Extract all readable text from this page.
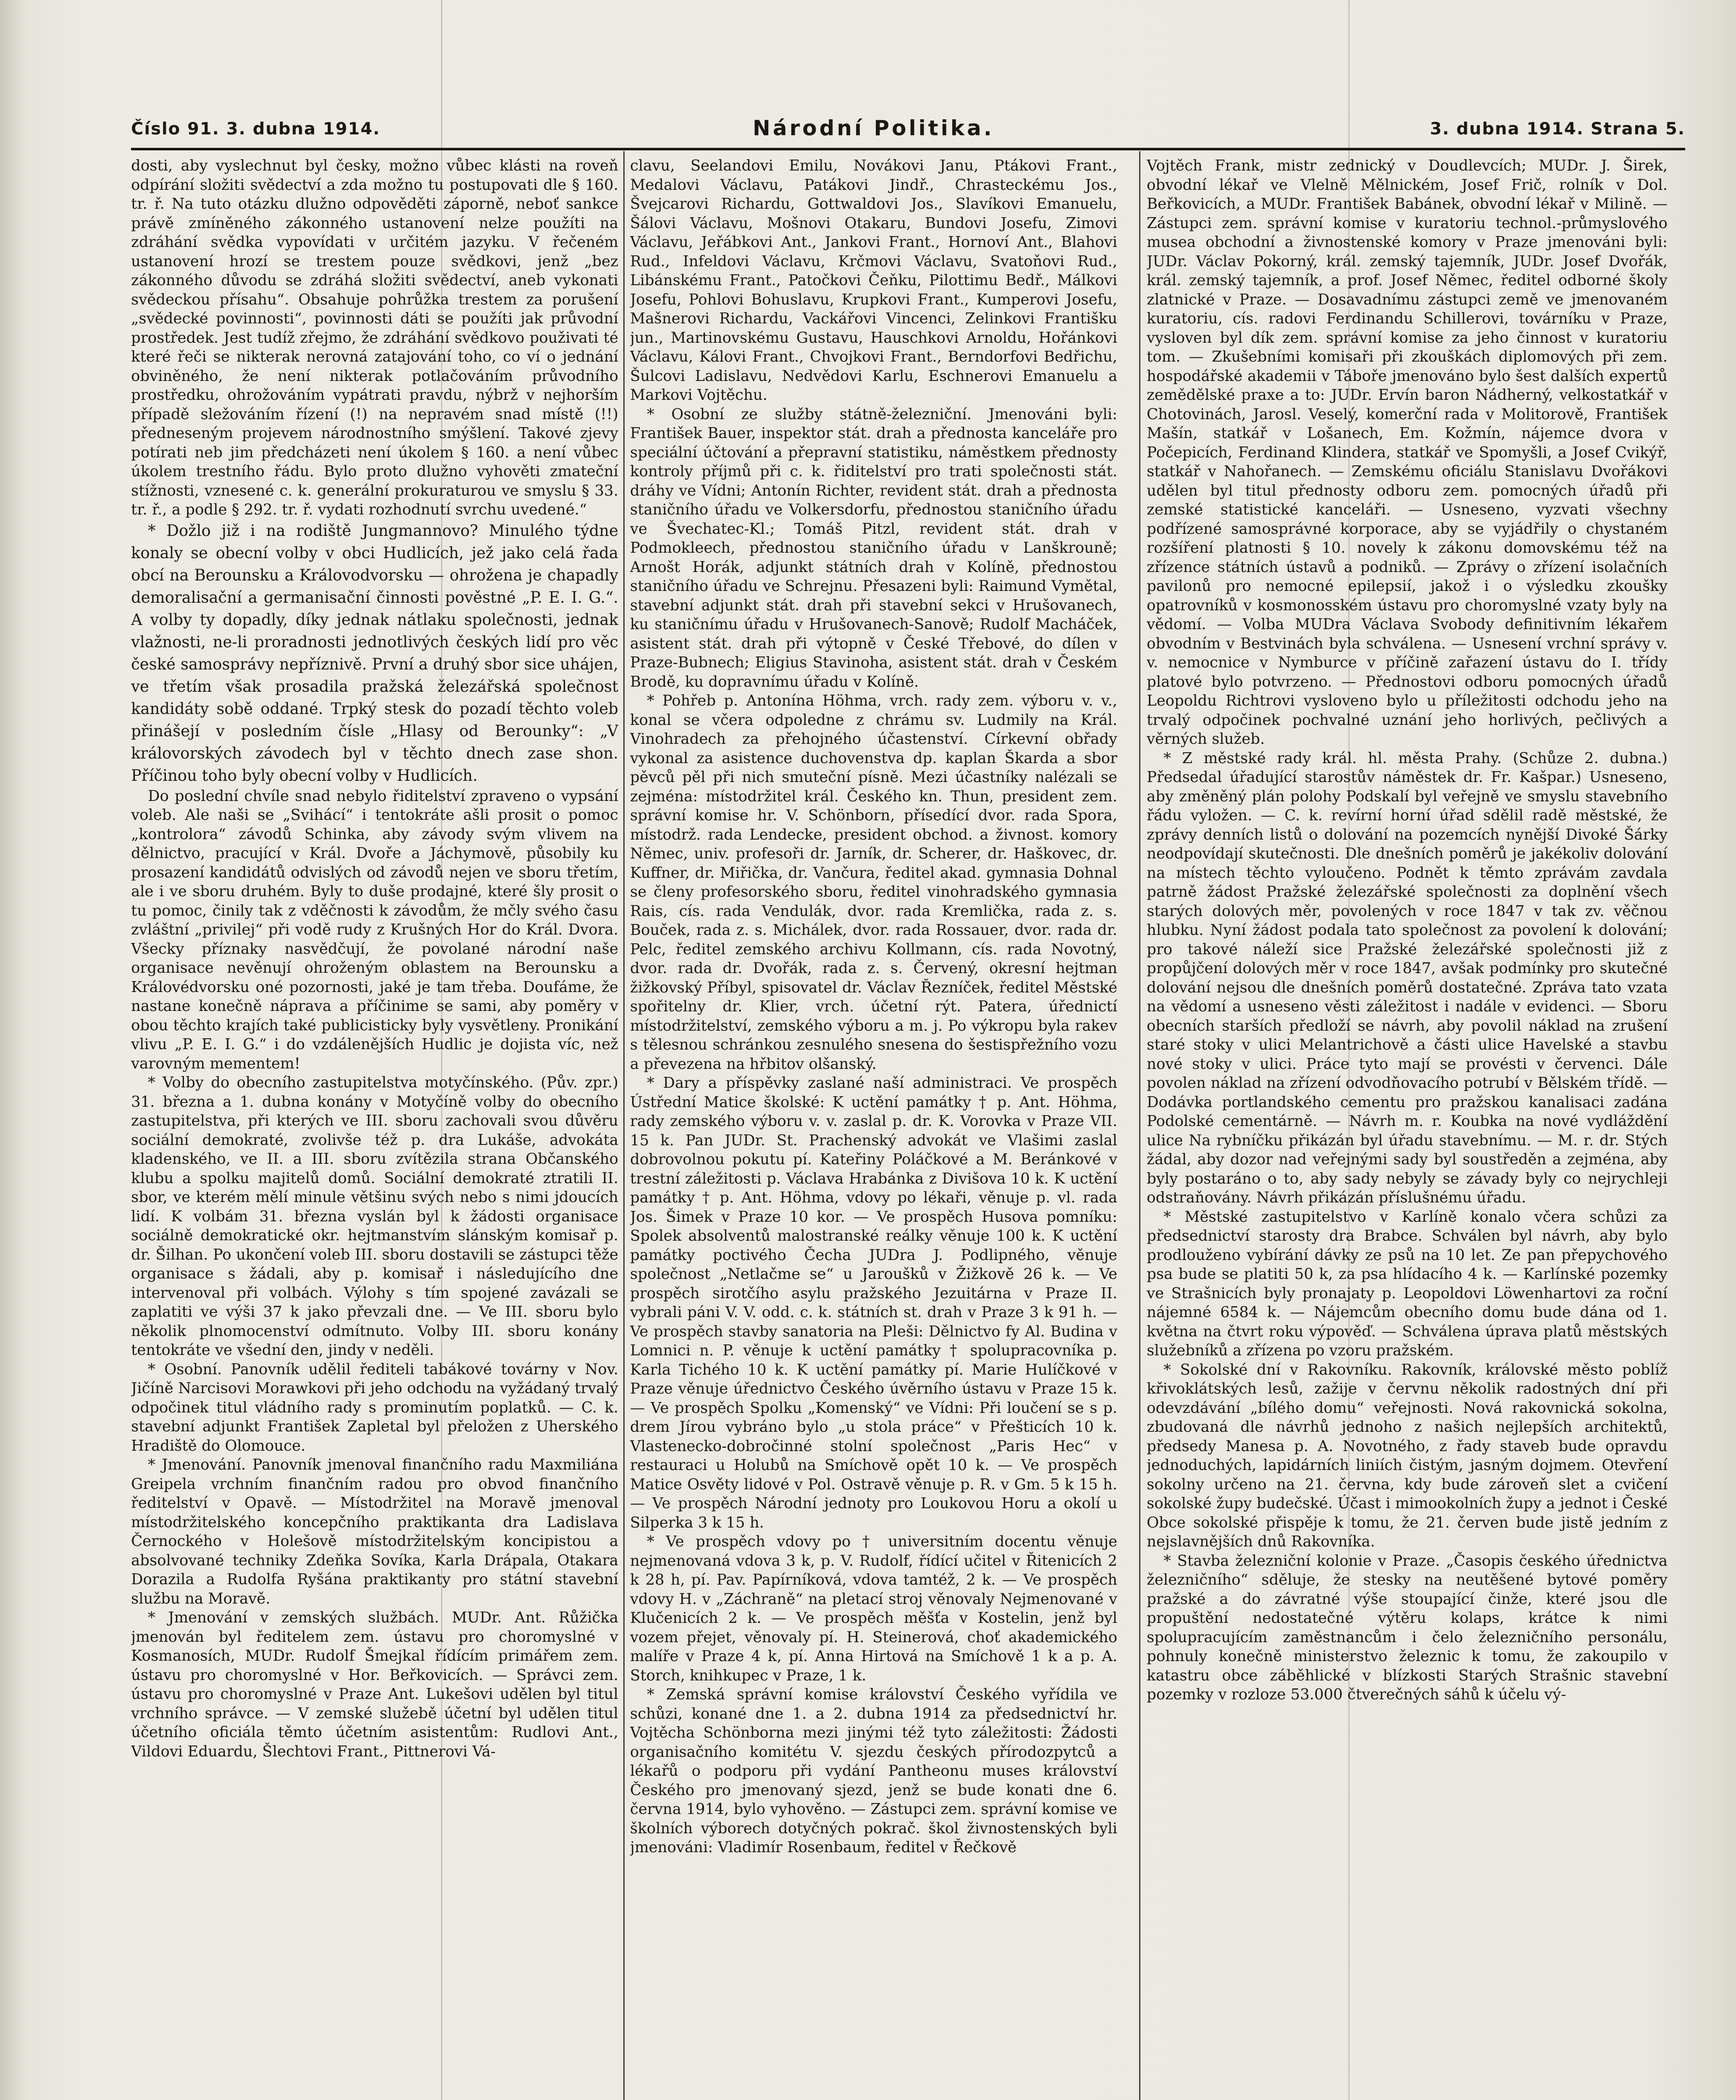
Číslo 91. 3. dubna 1914.	Národní Politika.	3. dubna 1914. Strana 5.

dosti, aby vyslechnut byl česky, možno vůbec klásti na roveň odpírání složiti svědectví a zda možno tu postupovati dle § 160. tr. ř. Na tuto otázku dlužno odpověděti záporně, neboť sankce právě zmíněného zákonného ustanovení nelze použíti na zdráhání svědka vypovídati v určitém jazyku. V řečeném ustanovení hrozí se trestem pouze svědkovi, jenž „bez zákonného důvodu se zdráhá složiti svědectví, aneb vykonati svědeckou přísahu“. Obsahuje pohrůžka trestem za porušení „svědecké povinnosti“, povinnosti dáti se použíti jak průvodní prostředek. Jest tudíž zřejmo, že zdráhání svědkovo použivati té které řeči se nikterak nerovná zatajování toho, co ví o jednání obviněného, že není nikterak potlačováním průvodního prostředku, ohrožováním vypátrati pravdu, nýbrž v nejhorším případě sležováním řízení (!) na nepravém snad místě (!!) předneseným projevem národnostního smýšlení. Takové zjevy potírati neb jim předcházeti není úkolem § 160. a není vůbec úkolem trestního řádu. Bylo proto dlužno vyhověti zmateční stížnosti, vznesené c. k. generální prokuraturou ve smyslu § 33. tr. ř., a podle § 292. tr. ř. vydati rozhodnutí svrchu uvedené.“

* Dožlo již i na rodiště Jungmannovo? Minulého týdne konaly se obecní volby v obci Hudlicích, jež jako celá řada obcí na Berounsku a Královodvorsku — ohrožena je chapadly demoralisační a germanisační činnosti pověstné „P. E. I. G.“. A volby ty dopadly, díky jednak nátlaku společnosti, jednak vlažnosti, ne-li proradnosti jednotlivých českých lidí pro věc české samosprávy nepříznivě. První a druhý sbor sice uhájen, ve třetím však prosadila pražská železářská společnost kandidáty sobě oddané. Trpký stesk do pozadí těchto voleb přinášejí v posledním čísle „Hlasy od Berounky“: „V královorských závodech byl v těchto dnech zase shon. Příčinou toho byly obecní volby v Hudlicích.

Do poslední chvíle snad nebylo řiditelství zpraveno o vypsání voleb. Ale naši se „Svihácí“ i tentokráte ašli prosit o pomoc „kontrolora“ závodů Schinka, aby závody svým vlivem na dělnictvo, pracující v Král. Dvoře a Jáchymově, působily ku prosazení kandidátů odvislých od závodů nejen ve sboru třetím, ale i ve sboru druhém. Byly to duše prodajné, které šly prosit o tu pomoc, činily tak z vděčnosti k závodům, že mčly svého času zvláštní „privilej“ při vodě rudy z Krušných Hor do Král. Dvora. Všecky příznaky nasvědčují, že povolané národní naše organisace nevěnují ohroženým oblastem na Berounsku a Královédvorsku oné pozornosti, jaké je tam třeba. Doufáme, že nastane konečně náprava a příčinime se sami, aby poměry v obou těchto krajích také publicisticky byly vysvětleny. Pronikání vlivu „P. E. I. G.“ i do vzdálenějších Hudlic je dojista víc, než varovným mementem!

* Volby do obecního zastupitelstva motyčínského. (Pův. zpr.) 31. března a 1. dubna konány v Motyčíně volby do obecního zastupitelstva, při kterých ve III. sboru zachovali svou důvěru sociální demokraté, zvolivše též p. dra Lukáše, advokáta kladenského, ve II. a III. sboru zvítězila strana Občanského klubu a spolku majitelů domů. Sociální demokraté ztratili II. sbor, ve kterém mělí minule většinu svých nebo s nimi jdoucích lidí. K volbám 31. března vyslán byl k žádosti organisace sociálně demokratické okr. hejtmanstvím slánským komisař p. dr. Šilhan. Po ukončení voleb III. sboru dostavili se zástupci těže organisace s žádali, aby p. komisař i následujícího dne intervenoval při volbách. Výlohy s tím spojené zavázali se zaplatiti ve výši 37 k jako převzali dne. — Ve III. sboru bylo několik plnomocenství odmítnuto. Volby III. sboru konány tentokráte ve všední den, jindy v neděli.

* Osobní. Panovník udělil řediteli tabákové továrny v Nov. Jičíně Narcisovi Morawkovi při jeho odchodu na vyžádaný trvalý odpočinek titul vládního rady s prominutím poplatků. — C. k. stavební adjunkt František Zapletal byl přeložen z Uherského Hradiště do Olomouce.

* Jmenování. Panovník jmenoval finančního radu Maxmiliána Greipela vrchním finančním radou pro obvod finančního ředitelství v Opavě. — Místodržitel na Moravě jmenoval místodržitelského koncepčního praktikanta dra Ladislava Černockého v Holešově místodržitelským koncipistou a absolvované techniky Zdeňka Sovíka, Karla Drápala, Otakara Dorazila a Rudolfa Ryšána praktikanty pro státní stavební službu na Moravě.

* Jmenování v zemských službách. MUDr. Ant. Růžička jmenován byl ředitelem zem. ústavu pro choromyslné v Kosmanosích, MUDr. Rudolf Šmejkal řídícím primářem zem. ústavu pro choromyslné v Hor. Beřkovicích. — Správci zem. ústavu pro choromyslné v Praze Ant. Lukešovi udělen byl titul vrchního správce. — V zemské služebě účetní byl udělen titul účetního oficiála těmto účetním asistentům: Rudlovi Ant., Vildovi Eduardu, Šlechtovi Frant., Pittnerovi Vá-

clavu, Seelandovi Emilu, Novákovi Janu, Ptákovi Frant., Medalovi Václavu, Patákovi Jindř., Chrasteckému Jos., Švejcarovi Richardu, Gottwaldovi Jos., Slavíkovi Emanuelu, Šálovi Václavu, Mošnovi Otakaru, Bundovi Josefu, Zimovi Václavu, Jeřábkovi Ant., Jankovi Frant., Hornoví Ant., Blahovi Rud., Infeldovi Václavu, Krčmovi Václavu, Svatoňovi Rud., Libánskému Frant., Patočkovi Čeňku, Pilottimu Bedř., Málkovi Josefu, Pohlovi Bohuslavu, Krupkovi Frant., Kumperovi Josefu, Mašnerovi Richardu, Vackářovi Vincenci, Zelinkovi Františku jun., Martinovskému Gustavu, Hauschkovi Arnoldu, Hořánkovi Václavu, Kálovi Frant., Chvojkovi Frant., Berndorfovi Bedřichu, Šulcovi Ladislavu, Nedvědovi Karlu, Eschnerovi Emanuelu a Markovi Vojtěchu.

* Osobní ze služby státně-železniční. Jmenováni byli: František Bauer, inspektor stát. drah a přednosta kanceláře pro speciální účtování a přepravní statistiku, náměstkem přednosty kontroly příjmů při c. k. řiditelství pro trati společnosti stát. dráhy ve Vídni; Antonín Richter, revident stát. drah a přednosta staničního úřadu ve Volkersdorfu, přednostou staničního úřadu ve Švechatec-Kl.; Tomáš Pitzl, revident stát. drah v Podmokleech, přednostou staničního úřadu v Lanškrouně; Arnošt Horák, adjunkt státních drah v Kolíně, přednostou staničního úřadu ve Schrejnu. Přesazeni byli: Raimund Vymětal, stavební adjunkt stát. drah při stavební sekci v Hrušovanech, ku staničnímu úřadu v Hrušovanech-Sanově; Rudolf Macháček, asistent stát. drah při výtopně v České Třebové, do dílen v Praze-Bubnech; Eligius Stavinoha, asistent stát. drah v Českém Brodě, ku dopravnímu úřadu v Kolíně.

* Pohřeb p. Antonína Höhma, vrch. rady zem. výboru v. v., konal se včera odpoledne z chrámu sv. Ludmily na Král. Vinohradech za přehojného účastenství. Církevní obřady vykonal za asistence duchovenstva dp. kaplan Škarda a sbor pěvců pěl při nich smuteční písně. Mezi účastníky nalézali se zejména: místodržitel král. Českého kn. Thun, president zem. správní komise hr. V. Schönborn, přísedící dvor. rada Spora, místodrž. rada Lendecke, president obchod. a živnost. komory Němec, univ. profesoři dr. Jarník, dr. Scherer, dr. Haškovec, dr. Kuffner, dr. Miřička, dr. Vančura, ředitel akad. gymnasia Dohnal se členy profesorského sboru, ředitel vinohradského gymnasia Rais, cís. rada Vendulák, dvor. rada Kremlička, rada z. s. Bouček, rada z. s. Michálek, dvor. rada Rossauer, dvor. rada dr. Pelc, ředitel zemského archivu Kollmann, cís. rada Novotný, dvor. rada dr. Dvořák, rada z. s. Červený, okresní hejtman žižkovský Příbyl, spisovatel dr. Václav Řezníček, ředitel Městské spořitelny dr. Klier, vrch. účetní rýt. Patera, úřednictí místodržitelství, zemského výboru a m. j. Po výkropu byla rakev s tělesnou schránkou zesnulého snesena do šestispřežního vozu a převezena na hřbitov olšanský.

* Dary a příspěvky zaslané naší administraci. Ve prospěch Ústřední Matice školské: K uctění památky † p. Ant. Höhma, rady zemského výboru v. v. zaslal p. dr. K. Vorovka v Praze VII. 15 k. Pan JUDr. St. Prachenský advokát ve Vlašimi zaslal dobrovolnou pokutu pí. Kateřiny Poláčkové a M. Beránkové v trestní záležitosti p. Václava Hrabánka z Divišova 10 k. K uctění památky † p. Ant. Höhma, vdovy po lékaři, věnuje p. vl. rada Jos. Šimek v Praze 10 kor. — Ve prospěch Husova pomníku: Spolek absolventů malostranské reálky věnuje 100 k. K uctění památky poctivého Čecha JUDra J. Podlipného, věnuje společnost „Netlačme se“ u Jaroušků v Žižkově 26 k. — Ve prospěch sirotčího asylu pražského Jezuitárna v Praze II. vybrali páni V. V. odd. c. k. státních st. drah v Praze 3 k 91 h. — Ve prospěch stavby sanatoria na Pleši: Dělnictvo fy Al. Budina v Lomnici n. P. věnuje k uctění památky † spolupracovníka p. Karla Tichého 10 k. K uctění památky pí. Marie Hulíčkové v Praze věnuje úřednictvo Českého úvěrního ústavu v Praze 15 k. — Ve prospěch Spolku „Komenský“ ve Vídni: Při loučení se s p. drem Jírou vybráno bylo „u stola práce“ v Přešticích 10 k. Vlastenecko-dobročinné stolní společnost „Paris Hec“ v restauraci u Holubů na Smíchově opět 10 k. — Ve prospěch Matice Osvěty lidové v Pol. Ostravě věnuje p. R. v Gm. 5 k 15 h. — Ve prospěch Národní jednoty pro Loukovou Horu a okolí u Silperka 3 k 15 h.

* Ve prospěch vdovy po † universitním docentu věnuje nejmenovaná vdova 3 k, p. V. Rudolf, řídící učitel v Řitenicích 2 k 28 h, pí. Pav. Papírníková, vdova tamtéž, 2 k. — Ve prospěch vdovy H. v „Záchraně“ na pletací stroj věnovaly Nejmenované v Klučenicích 2 k. — Ve prospěch měšťa v Kostelin, jenž byl vozem přejet, věnovaly pí. H. Steinerová, choť akademického malíře v Praze 4 k, pí. Anna Hirtová na Smíchově 1 k a p. A. Storch, knihkupec v Praze, 1 k.

* Zemská správní komise království Českého vyřídila ve schůzi, konané dne 1. a 2. dubna 1914 za předsednictví hr. Vojtěcha Schönborna mezi jinými též tyto záležitosti: Žádosti organisačního komitétu V. sjezdu českých přírodozpytců a lékařů o podporu při vydání Pantheonu muses království Českého pro jmenovaný sjezd, jenž se bude konati dne 6. června 1914, bylo vyhověno. — Zástupci zem. správní komise ve školních výborech dotyčných pokrač. škol živnostenských byli jmenováni: Vladimír Rosenbaum, ředitel v Řečkově

Vojtěch Frank, mistr zednický v Doudlevcích; MUDr. J. Širek, obvodní lékař ve Vlelně Mělnickém, Josef Frič, rolník v Dol. Beřkovicích, a MUDr. František Babánek, obvodní lékař v Milině. — Zástupci zem. správní komise v kuratoriu technol.-průmyslového musea obchodní a živnostenské komory v Praze jmenováni byli: JUDr. Václav Pokorný, král. zemský tajemník, JUDr. Josef Dvořák, král. zemský tajemník, a prof. Josef Němec, ředitel odborné školy zlatnické v Praze. — Dosavadnímu zástupci země ve jmenovaném kuratoriu, cís. radovi Ferdinandu Schillerovi, továrníku v Praze, vysloven byl dík zem. správní komise za jeho činnost v kuratoriu tom. — Zkušebními komisaři při zkouškách diplomových při zem. hospodářské akademii v Táboře jmenováno bylo šest dalších expertů zemědělské praxe a to: JUDr. Ervín baron Nádherný, velkostatkář v Chotovinách, Jarosl. Veselý, komerční rada v Molitorově, František Mašín, statkář v Lošanech, Em. Kožmín, nájemce dvora v Počepicích, Ferdinand Klindera, statkář ve Spomyšli, a Josef Cvikýř, statkář v Nahořanech. — Zemskému oficiálu Stanislavu Dvořákovi udělen byl titul přednosty odboru zem. pomocných úřadů při zemské statistické kanceláři. — Usneseno, vyzvati všechny podřízené samosprávné korporace, aby se vyjádřily o chystaném rozšíření platnosti § 10. novely k zákonu domovskému též na zřízence státních ústavů a podniků. — Zprávy o zřízení isolačních pavilonů pro nemocné epilepsií, jakož i o výsledku zkoušky opatrovníků v kosmonosském ústavu pro choromyslné vzaty byly na vědomí. — Volba MUDra Václava Svobody definitivním lékařem obvodním v Bestvinách byla schválena. — Usnesení vrchní správy v. v. nemocnice v Nymburce v příčině zařazení ústavu do I. třídy platové bylo potvrzeno. — Přednostovi odboru pomocných úřadů Leopoldu Richtrovi vysloveno bylo u příležitosti odchodu jeho na trvalý odpočinek pochvalné uznání jeho horlivých, pečlivých a věrných služeb.

* Z městské rady král. hl. města Prahy. (Schůze 2. dubna.) Předsedal úřadující starostův náměstek dr. Fr. Kašpar.) Usneseno, aby změněný plán polohy Podskalí byl veřejně ve smyslu stavebního řádu vyložen. — C. k. revírní horní úřad sdělil radě městské, že zprávy denních listů o dolování na pozemcích nynější Divoké Šárky neodpovídají skutečnosti. Dle dnešních poměrů je jakékoliv dolování na místech těchto vyloučeno. Podnět k těmto zprávám zavdala patrně žádost Pražské železářské společnosti za doplnění všech starých dolových měr, povolených v roce 1847 v tak zv. věčnou hlubku. Nyní žádost podala tato společnost za povolení k dolování; pro takové náleží sice Pražské železářské společnosti již z propůjčení dolových měr v roce 1847, avšak podmínky pro skutečné dolování nejsou dle dnešních poměrů dostatečné. Zpráva tato vzata na vědomí a usneseno věsti záležitost i nadále v evidenci. — Sboru obecních starších předloží se návrh, aby povolil náklad na zrušení staré stoky v ulici Melantrichově a části ulice Havelské a stavbu nové stoky v ulici. Práce tyto mají se provésti v červenci. Dále povolen náklad na zřízení odvodňovacího potrubí v Bělském třídě. — Dodávka portlandského cementu pro pražskou kanalisaci zadána Podolské cementárně. — Návrh m. r. Koubka na nové vydláždění ulice Na rybníčku přikázán byl úřadu stavebnímu. — M. r. dr. Stých žádal, aby dozor nad veřejnými sady byl soustředěn a zejména, aby byly postaráno o to, aby sady nebyly se závady byly co nejrychleji odstraňovány. Návrh přikázán příslušnému úřadu.

* Městské zastupitelstvo v Karlíně konalo včera schůzi za předsednictví starosty dra Brabce. Schválen byl návrh, aby bylo prodlouženo vybírání dávky ze psů na 10 let. Ze pan přepychového psa bude se platiti 50 k, za psa hlídacího 4 k. — Karlínské pozemky ve Strašnicích byly pronajaty p. Leopoldovi Löwenhartovi za roční nájemné 6584 k. — Nájemcům obecního domu bude dána od 1. května na čtvrt roku výpověď. — Schválena úprava platů městských služebníků a zřízena po vzoru pražském.

* Sokolské dní v Rakovníku. Rakovník, královské město poblíž křivoklátských lesů, zažije v červnu několik radostných dní při odevzdávání „bílého domu“ veřejnosti. Nová rakovnická sokolna, zbudovaná dle návrhů jednoho z našich nejlepších architektů, předsedy Manesa p. A. Novotného, z řady staveb bude opravdu jednoduchých, lapidárních liniích čistým, jasným dojmem. Otevření sokolny určeno na 21. června, kdy bude zároveň slet a cvičení sokolské župy budečské. Účast i mimookolních župy a jednot i České Obce sokolské přispěje k tomu, že 21. červen bude jistě jedním z nejslavnějších dnů Rakovníka.

* Stavba železniční kolonie v Praze. „Časopis českého úřednictva železničního“ sděluje, že stesky na neutěšené bytové poměry pražské a do závratné výše stoupající činže, které jsou dle propuštění nedostatečné výtěru kolaps, krátce k nimi spolupracujícím zaměstnancům i čelo železničního personálu, pohnuly konečně ministerstvo železnic k tomu, že zakoupilo v katastru obce záběhlické v blízkosti Starých Strašnic stavební pozemky v rozloze 53.000 čtverečných sáhů k účelu vý-
